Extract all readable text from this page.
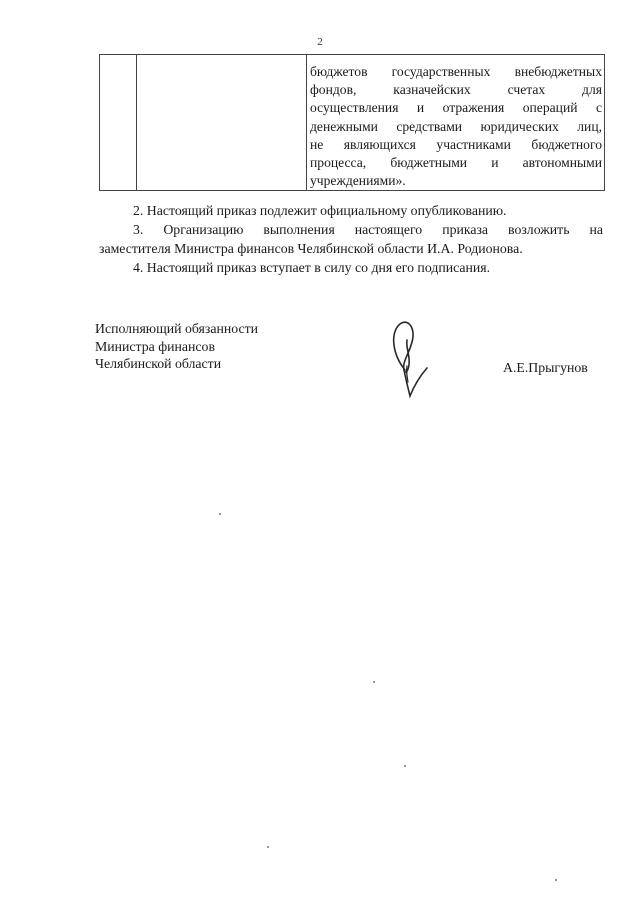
2

бюджетов государственных внебюджетных
фондов, казначейских счетах для
осуществления и отражения операций с
денежными средствами юридических лиц,
не являющихся участниками бюджетного
процесса, бюджетными и автономными
учреждениями».

2. Настоящий приказ подлежит официальному опубликованию.

3. Организацию выполнения настоящего приказа возложить на
заместителя Министра финансов Челябинской области И.А. Родионова.

4. Настоящий приказ вступает в силу со дня его подписания.

Исполняющий обязанности
Министра финансов
Челябинской области	А.Е.Прыгунов
